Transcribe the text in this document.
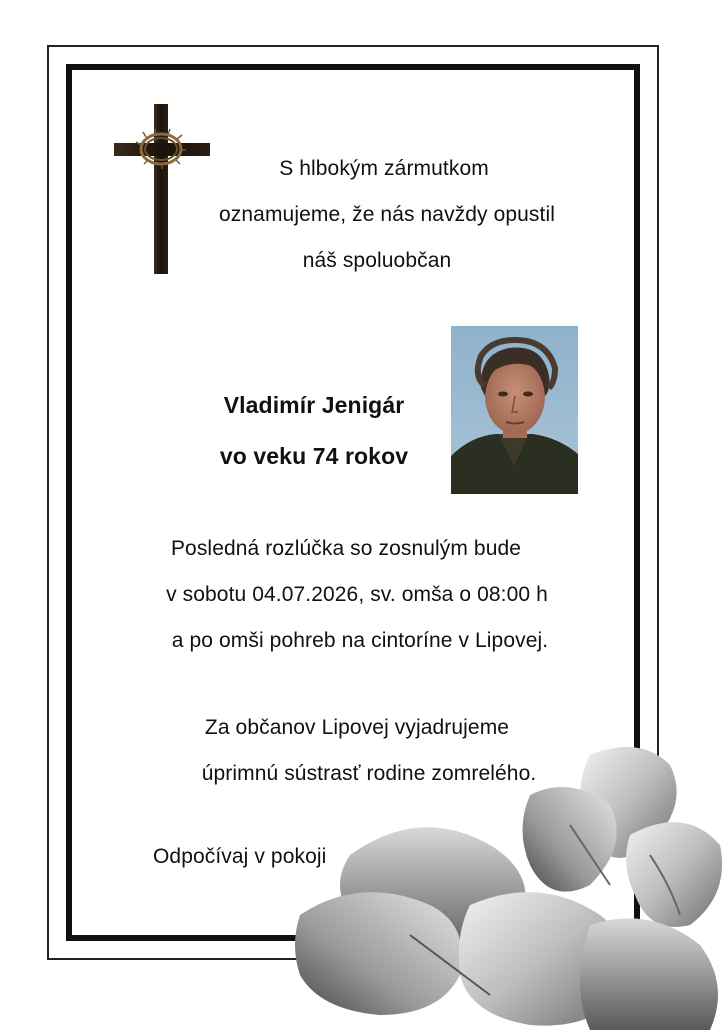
S hlbokým zármutkom
oznamujeme, že nás navždy opustil
náš spoluobčan
Vladimír Jenigár
vo veku 74 rokov
Posledná rozlúčka so zosnulým bude
v sobotu 04.07.2026, sv. omša o 08:00 h
a po omši pohreb na cintoríne v Lipovej.
Za občanov Lipovej vyjadrujeme
úprimnú sústrasť rodine zomrelého.
Odpočívaj v pokoji
